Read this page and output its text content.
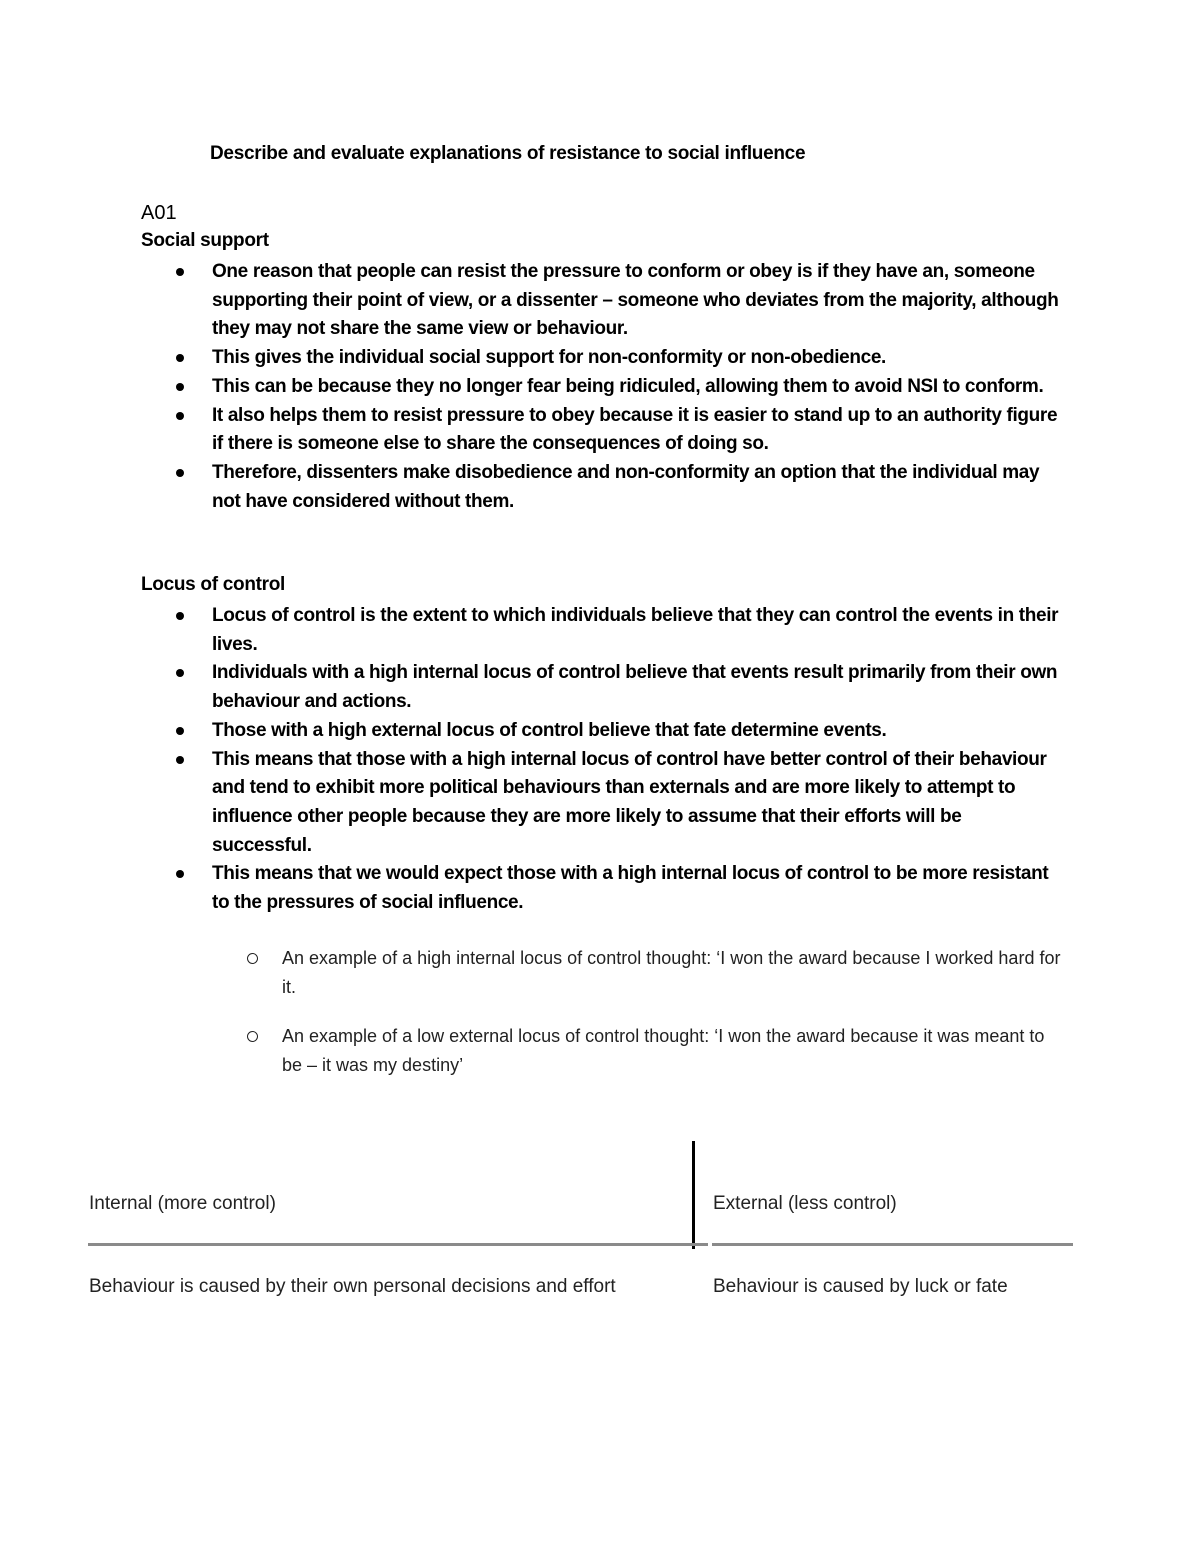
Describe and evaluate explanations of resistance to social influence
A01
Social support
One reason that people can resist the pressure to conform or obey is if they have an, someone supporting their point of view, or a dissenter – someone who deviates from the majority, although they may not share the same view or behaviour.
This gives the individual social support for non-conformity or non-obedience.
This can be because they no longer fear being ridiculed, allowing them to avoid NSI to conform.
It also helps them to resist pressure to obey because it is easier to stand up to an authority figure if there is someone else to share the consequences of doing so.
Therefore, dissenters make disobedience and non-conformity an option that the individual may not have considered without them.
Locus of control
Locus of control is the extent to which individuals believe that they can control the events in their lives.
Individuals with a high internal locus of control believe that events result primarily from their own behaviour and actions.
Those with a high external locus of control believe that fate determine events.
This means that those with a high internal locus of control have better control of their behaviour and tend to exhibit more political behaviours than externals and are more likely to attempt to influence other people because they are more likely to assume that their efforts will be successful.
This means that we would expect those with a high internal locus of control to be more resistant to the pressures of social influence.
An example of a high internal locus of control thought: ‘I won the award because I worked hard for it.
An example of a low external locus of control thought: ‘I won the award because it was meant to be – it was my destiny’
Internal (more control)	External (less control)
Behaviour is caused by their own personal decisions and effort	Behaviour is caused by luck or fate
